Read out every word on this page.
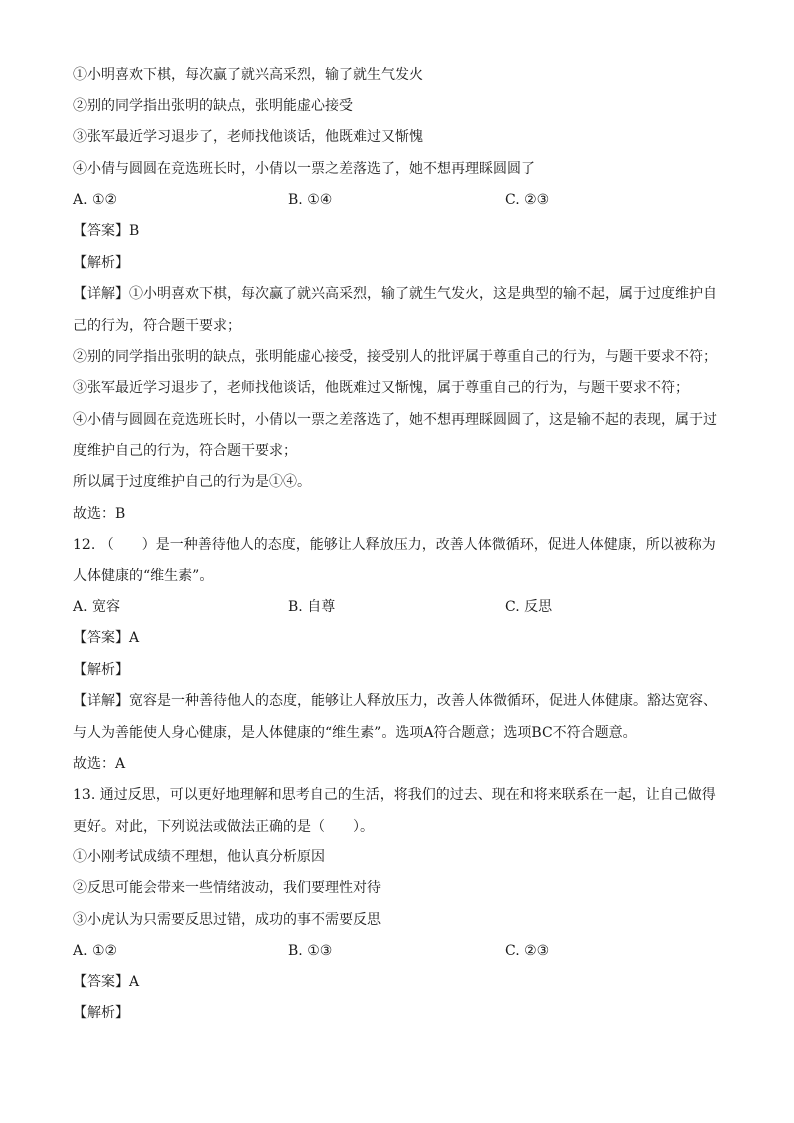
①小明喜欢下棋，每次赢了就兴高采烈，输了就生气发火
②别的同学指出张明的缺点，张明能虚心接受
③张军最近学习退步了，老师找他谈话，他既难过又惭愧
④小倩与圆圆在竞选班长时，小倩以一票之差落选了，她不想再理睬圆圆了
A. ①②	B. ①④	C. ②③
【答案】B
【解析】
【详解】①小明喜欢下棋，每次赢了就兴高采烈，输了就生气发火，这是典型的输不起，属于过度维护自
己的行为，符合题干要求；
②别的同学指出张明的缺点，张明能虚心接受，接受别人的批评属于尊重自己的行为，与题干要求不符；
③张军最近学习退步了，老师找他谈话，他既难过又惭愧，属于尊重自己的行为，与题干要求不符；
④小倩与圆圆在竞选班长时，小倩以一票之差落选了，她不想再理睬圆圆了，这是输不起的表现，属于过
度维护自己的行为，符合题干要求；
所以属于过度维护自己的行为是①④。
故选：B
12. （　　）是一种善待他人的态度，能够让人释放压力，改善人体微循环，促进人体健康，所以被称为
人体健康的“维生素”。
A. 宽容	B. 自尊	C. 反思
【答案】A
【解析】
【详解】宽容是一种善待他人的态度，能够让人释放压力，改善人体微循环，促进人体健康。豁达宽容、
与人为善能使人身心健康，是人体健康的“维生素”。选项A符合题意；选项BC不符合题意。
故选：A
13. 通过反思，可以更好地理解和思考自己的生活，将我们的过去、现在和将来联系在一起，让自己做得
更好。对此，下列说法或做法正确的是（　　）。
①小刚考试成绩不理想，他认真分析原因
②反思可能会带来一些情绪波动，我们要理性对待
③小虎认为只需要反思过错，成功的事不需要反思
A. ①②	B. ①③	C. ②③
【答案】A
【解析】
